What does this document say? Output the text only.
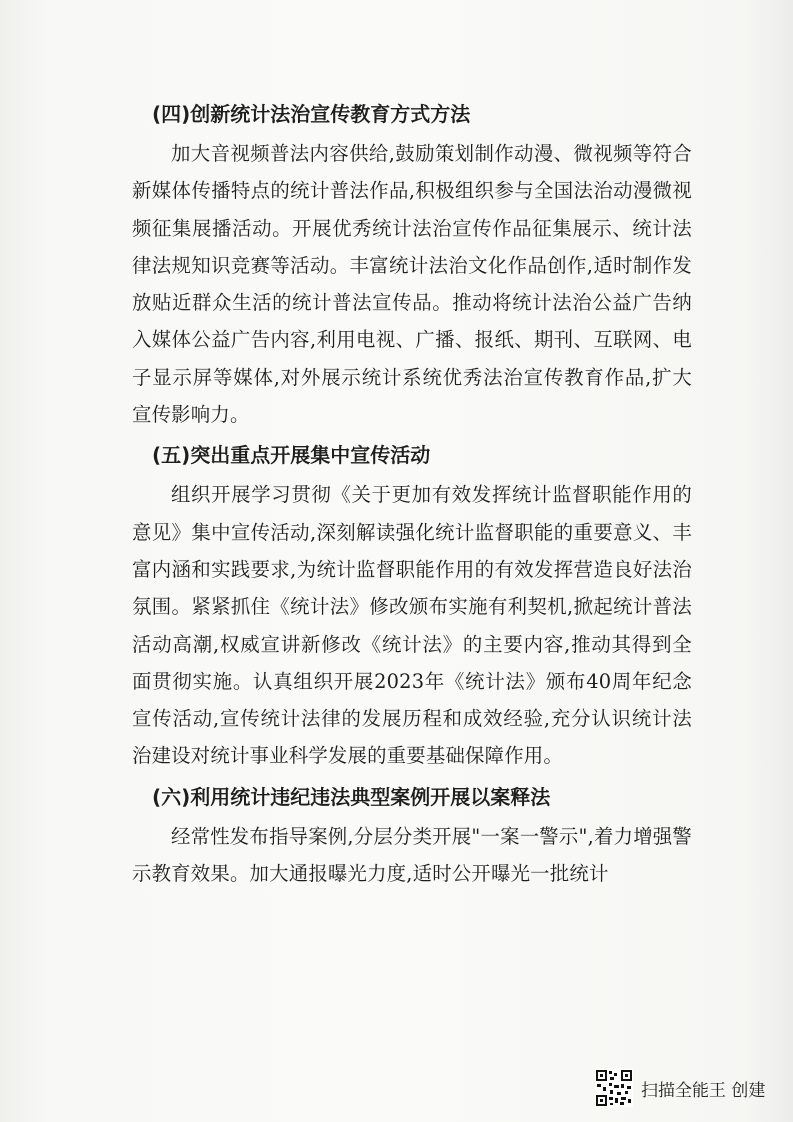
(四)创新统计法治宣传教育方式方法

加大音视频普法内容供给,鼓励策划制作动漫、微视频等符合新媒体传播特点的统计普法作品,积极组织参与全国法治动漫微视频征集展播活动。开展优秀统计法治宣传作品征集展示、统计法律法规知识竞赛等活动。丰富统计法治文化作品创作,适时制作发放贴近群众生活的统计普法宣传品。推动将统计法治公益广告纳入媒体公益广告内容,利用电视、广播、报纸、期刊、互联网、电子显示屏等媒体,对外展示统计系统优秀法治宣传教育作品,扩大宣传影响力。

(五)突出重点开展集中宣传活动

组织开展学习贯彻《关于更加有效发挥统计监督职能作用的意见》集中宣传活动,深刻解读强化统计监督职能的重要意义、丰富内涵和实践要求,为统计监督职能作用的有效发挥营造良好法治氛围。紧紧抓住《统计法》修改颁布实施有利契机,掀起统计普法活动高潮,权威宣讲新修改《统计法》的主要内容,推动其得到全面贯彻实施。认真组织开展2023年《统计法》颁布40周年纪念宣传活动,宣传统计法律的发展历程和成效经验,充分认识统计法治建设对统计事业科学发展的重要基础保障作用。

(六)利用统计违纪违法典型案例开展以案释法

经常性发布指导案例,分层分类开展"一案一警示",着力增强警示教育效果。加大通报曝光力度,适时公开曝光一批统计

扫描全能王 创建
